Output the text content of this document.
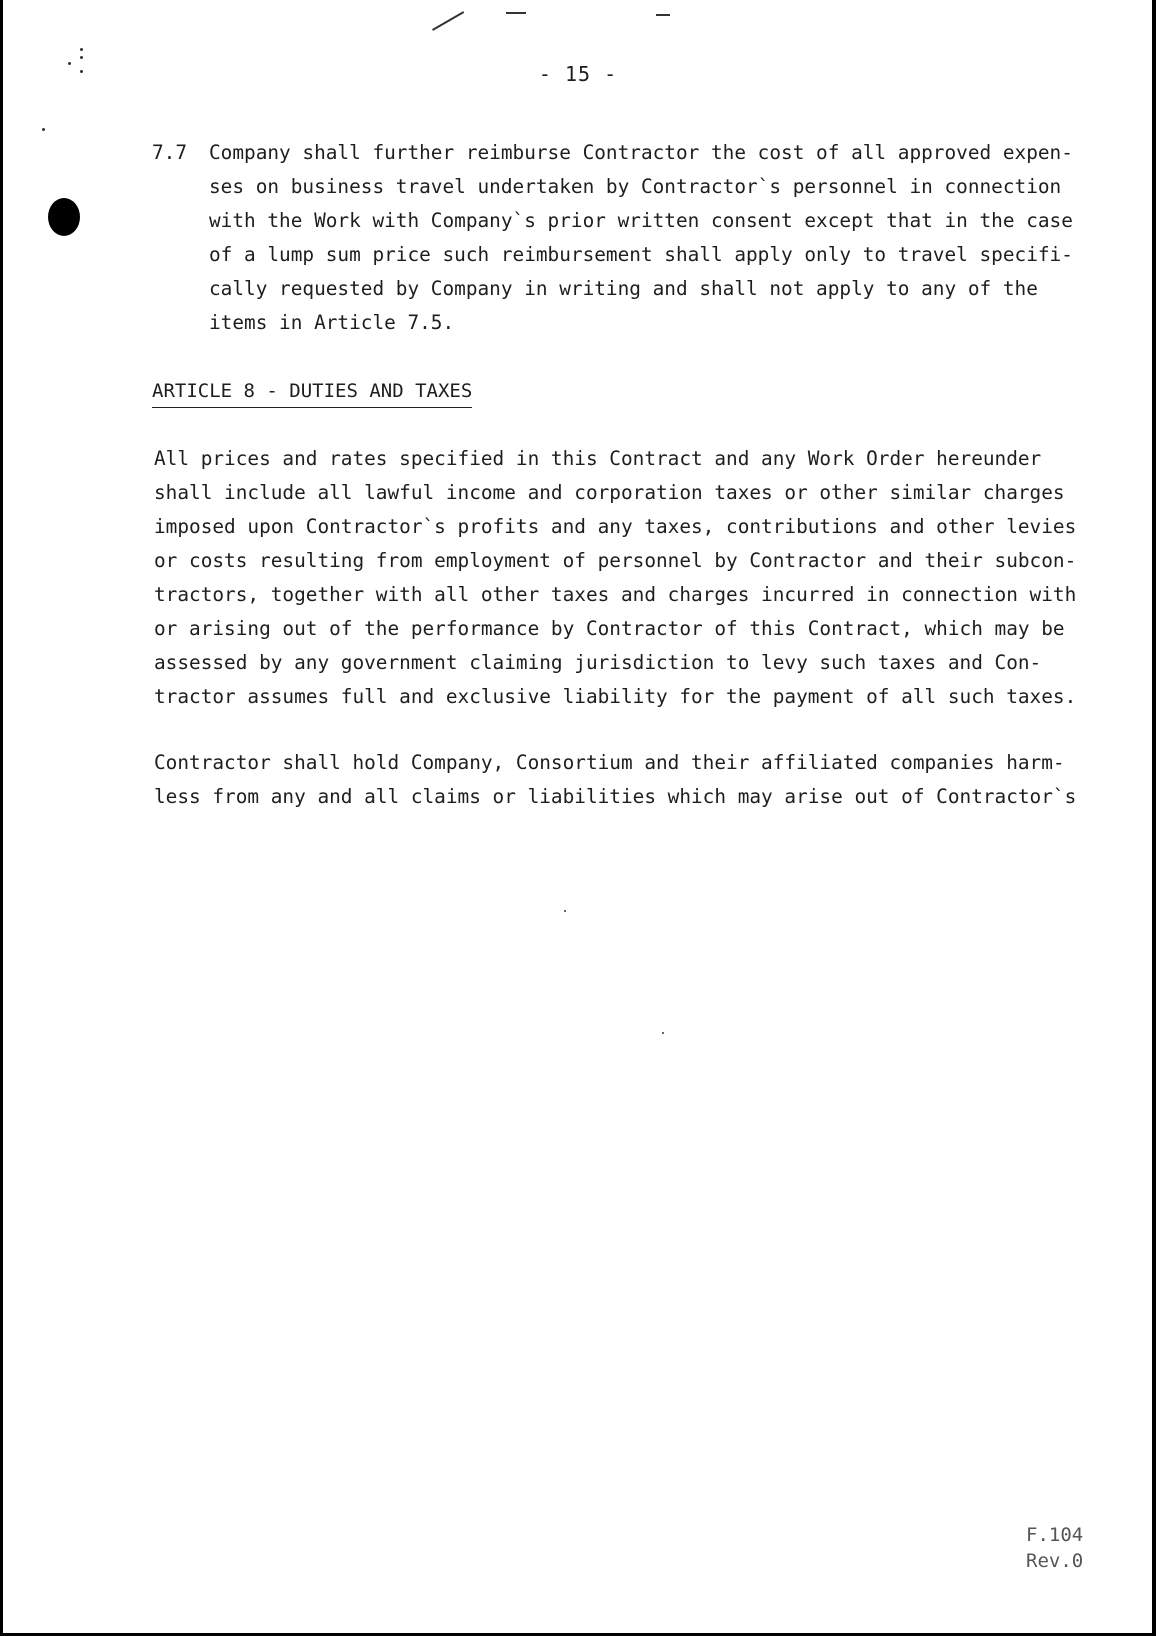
- 15 -
7.7 Company shall further reimburse Contractor the cost of all approved expen-
ses on business travel undertaken by Contractor`s personnel in connection
with the Work with Company`s prior written consent except that in the case
of a lump sum price such reimbursement shall apply only to travel specifi-
cally requested by Company in writing and shall not apply to any of the
items in Article 7.5.
ARTICLE 8 - DUTIES AND TAXES
All prices and rates specified in this Contract and any Work Order hereunder
shall include all lawful income and corporation taxes or other similar charges
imposed upon Contractor`s profits and any taxes, contributions and other levies
or costs resulting from employment of personnel by Contractor and their subcon-
tractors, together with all other taxes and charges incurred in connection with
or arising out of the performance by Contractor of this Contract, which may be
assessed by any government claiming jurisdiction to levy such taxes and Con-
tractor assumes full and exclusive liability for the payment of all such taxes.
Contractor shall hold Company, Consortium and their affiliated companies harm-
less from any and all claims or liabilities which may arise out of Contractor`s
F.104
Rev.0
